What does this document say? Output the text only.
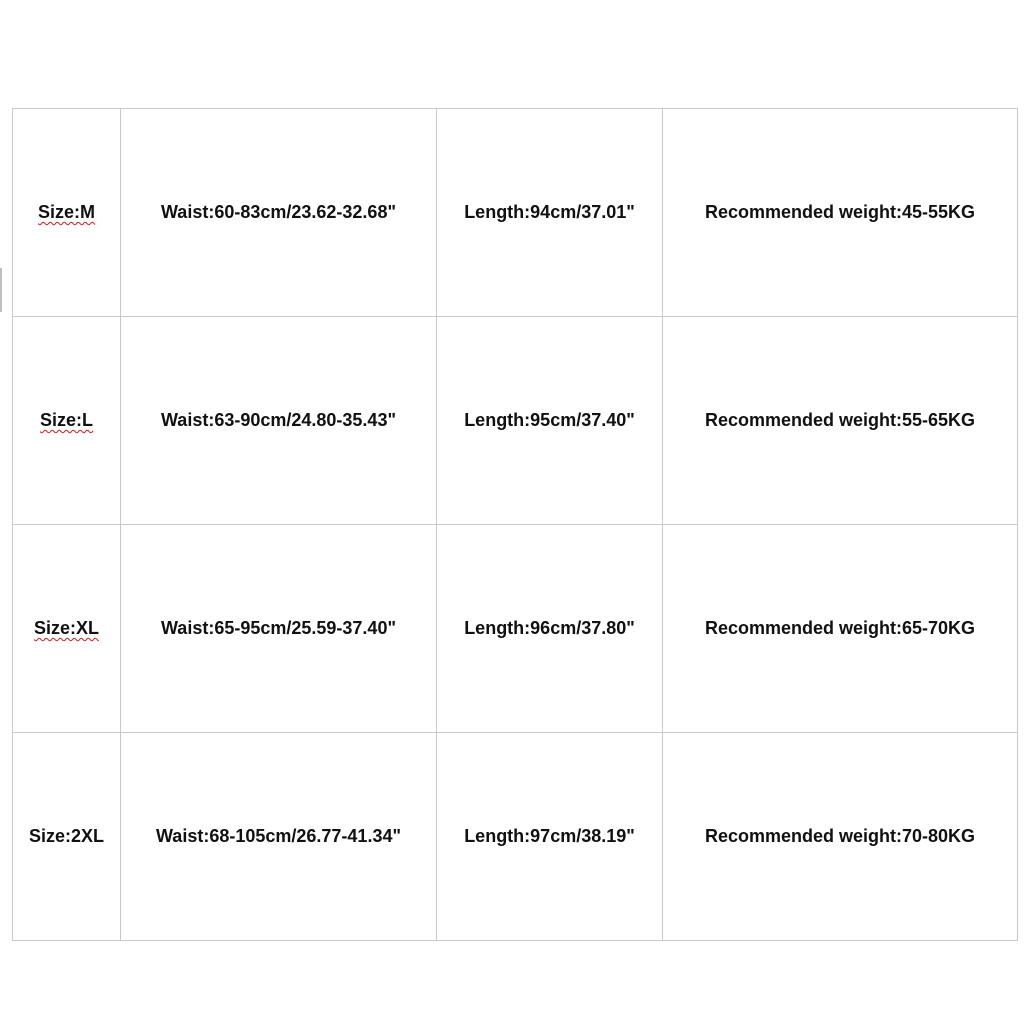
Size:M	Waist:60-83cm/23.62-32.68"	Length:94cm/37.01"	Recommended weight:45-55KG
Size:L	Waist:63-90cm/24.80-35.43"	Length:95cm/37.40"	Recommended weight:55-65KG
Size:XL	Waist:65-95cm/25.59-37.40"	Length:96cm/37.80"	Recommended weight:65-70KG
Size:2XL	Waist:68-105cm/26.77-41.34"	Length:97cm/38.19"	Recommended weight:70-80KG
